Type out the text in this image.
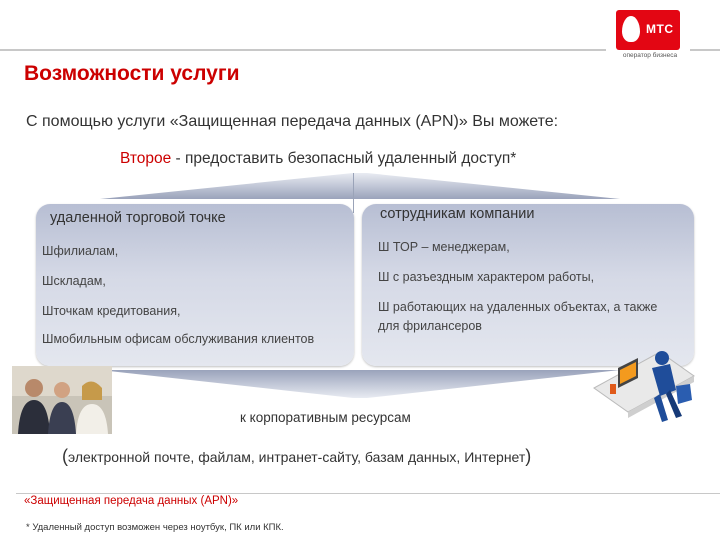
МТС
оператор бизнеса
Возможности услуги
С помощью услуги «Защищенная передача данных (APN)» Вы можете:
Второе - предоставить безопасный удаленный доступ*
удаленной торговой точке
Шфилиалам,
Шскладам,
Шточкам кредитования,
Шмобильным офисам обслуживания клиентов
сотрудникам компании
Ш ТОР – менеджерам,
Ш с разъездным характером работы,
Ш работающих на удаленных объектах, а также для фрилансеров
к корпоративным ресурсам
(электронной почте, файлам, интранет-сайту, базам данных, Интернет)
«Защищенная передача данных (APN)»
* Удаленный доступ возможен через ноутбук, ПК или КПК.
